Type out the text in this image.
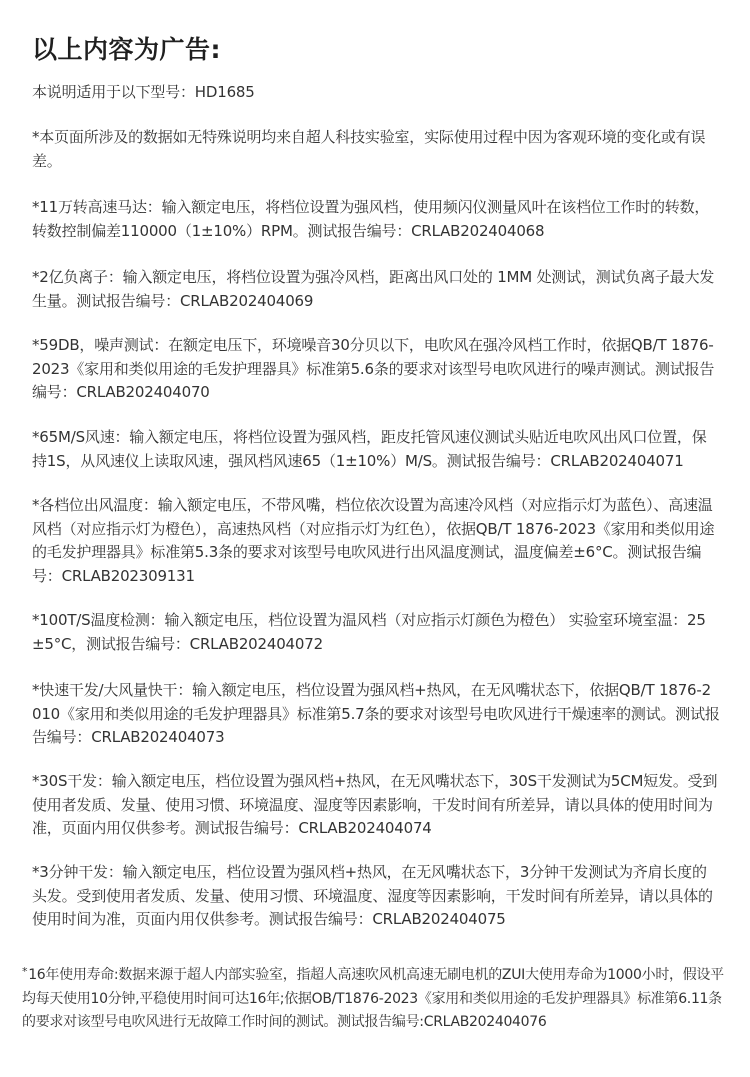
以上内容为广告:
本说明适用于以下型号：HD1685
*本页面所涉及的数据如无特殊说明均来自超人科技实验室，实际使用过程中因为客观环境的变化或有误差。
*11万转高速马达：输入额定电压，将档位设置为强风档，使用频闪仪测量风叶在该档位工作时的转数，转数控制偏差110000（1±10%）RPM。测试报告编号：CRLAB202404068
*2亿负离子：输入额定电压，将档位设置为强冷风档，距离出风口处的 1MM 处测试，测试负离子最大发生量。测试报告编号：CRLAB202404069
*59DB，噪声测试：在额定电压下，环境噪音30分贝以下，电吹风在强冷风档工作时，依据QB/T 1876-2023《家用和类似用途的毛发护理器具》标准第5.6条的要求对该型号电吹风进行的噪声测试。测试报告编号：CRLAB202404070
*65M/S风速：输入额定电压，将档位设置为强风档，距皮托管风速仪测试头贴近电吹风出风口位置，保持1S，从风速仪上读取风速，强风档风速65（1±10%）M/S。测试报告编号：CRLAB202404071
*各档位出风温度：输入额定电压，不带风嘴，档位依次设置为高速冷风档（对应指示灯为蓝色）、高速温风档（对应指示灯为橙色），高速热风档（对应指示灯为红色），依据QB/T 1876-2023《家用和类似用途的毛发护理器具》标准第5.3条的要求对该型号电吹风进行出风温度测试，温度偏差±6°C。测试报告编号：CRLAB202309131
*100T/S温度检测：输入额定电压，档位设置为温风档（对应指示灯颜色为橙色） 实验室环境室温：25±5°C，测试报告编号：CRLAB202404072
*快速干发/大风量快干：输入额定电压，档位设置为强风档+热风，在无风嘴状态下，依据QB/T 1876-2010《家用和类似用途的毛发护理器具》标准第5.7条的要求对该型号电吹风进行干燥速率的测试。测试报告编号：CRLAB202404073
*30S干发：输入额定电压，档位设置为强风档+热风，在无风嘴状态下，30S干发测试为5CM短发。受到使用者发质、发量、使用习惯、环境温度、湿度等因素影响，干发时间有所差异，请以具体的使用时间为准，页面内用仅供参考。测试报告编号：CRLAB202404074
*3分钟干发：输入额定电压，档位设置为强风档+热风，在无风嘴状态下，3分钟干发测试为齐肩长度的头发。受到使用者发质、发量、使用习惯、环境温度、湿度等因素影响，干发时间有所差异，请以具体的使用时间为准，页面内用仅供参考。测试报告编号：CRLAB202404075
*16年使用寿命:数据来源于超人内部实验室，指超人高速吹风机高速无刷电机的ZUI大使用寿命为1000小时，假设平均每天使用10分钟,平稳使用时间可达16年;依据OB/T1876-2023《家用和类似用途的毛发护理器具》标准第6.11条的要求对该型号电吹风进行无故障工作时间的测试。测试报告编号:CRLAB202404076
